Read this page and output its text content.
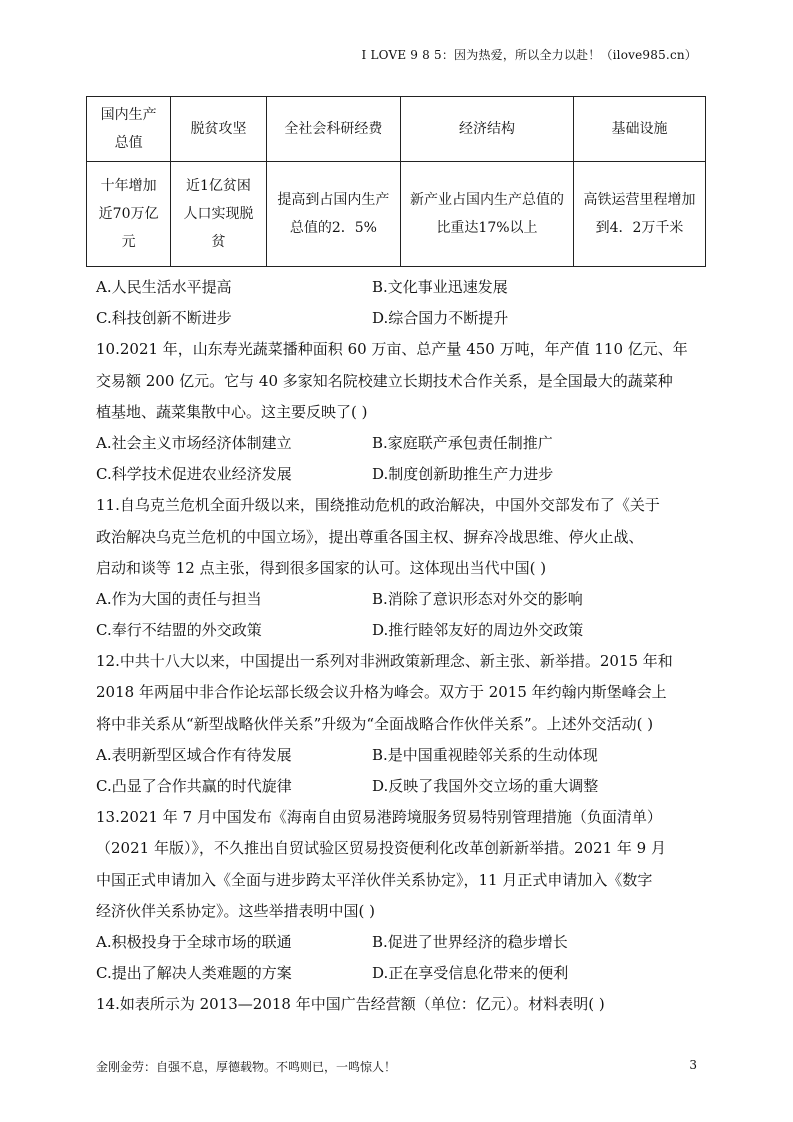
I LOVE 9 8 5：因为热爱，所以全力以赴！（ilove985.cn）
国内生产总值	脱贫攻坚	全社会科研经费	经济结构	基础设施
十年增加近70万亿元	近1亿贫困人口实现脱贫	提高到占国内生产总值的2．5%	新产业占国内生产总值的比重达17%以上	高铁运营里程增加到4．2万千米
A.人民生活水平提高	B.文化事业迅速发展
C.科技创新不断进步	D.综合国力不断提升
10.2021 年，山东寿光蔬菜播种面积 60 万亩、总产量 450 万吨，年产值 110 亿元、年
交易额 200 亿元。它与 40 多家知名院校建立长期技术合作关系，是全国最大的蔬菜种
植基地、蔬菜集散中心。这主要反映了( )
A.社会主义市场经济体制建立	B.家庭联产承包责任制推广
C.科学技术促进农业经济发展	D.制度创新助推生产力进步
11.自乌克兰危机全面升级以来，围绕推动危机的政治解决，中国外交部发布了《关于
政治解决乌克兰危机的中国立场》，提出尊重各国主权、摒弃冷战思维、停火止战、
启动和谈等 12 点主张，得到很多国家的认可。这体现出当代中国( )
A.作为大国的责任与担当	B.消除了意识形态对外交的影响
C.奉行不结盟的外交政策	D.推行睦邻友好的周边外交政策
12.中共十八大以来，中国提出一系列对非洲政策新理念、新主张、新举措。2015 年和
2018 年两届中非合作论坛部长级会议升格为峰会。双方于 2015 年约翰内斯堡峰会上
将中非关系从“新型战略伙伴关系”升级为“全面战略合作伙伴关系”。上述外交活动( )
A.表明新型区域合作有待发展	B.是中国重视睦邻关系的生动体现
C.凸显了合作共赢的时代旋律	D.反映了我国外交立场的重大调整
13.2021 年 7 月中国发布《海南自由贸易港跨境服务贸易特别管理措施（负面清单）
（2021 年版）》，不久推出自贸试验区贸易投资便利化改革创新新举措。2021 年 9 月
中国正式申请加入《全面与进步跨太平洋伙伴关系协定》，11 月正式申请加入《数字
经济伙伴关系协定》。这些举措表明中国( )
A.积极投身于全球市场的联通	B.促进了世界经济的稳步增长
C.提出了解决人类难题的方案	D.正在享受信息化带来的便利
14.如表所示为 2013—2018 年中国广告经营额（单位：亿元）。材料表明( )
金刚金劳：自强不息，厚德载物。不鸣则已，一鸣惊人！	3
